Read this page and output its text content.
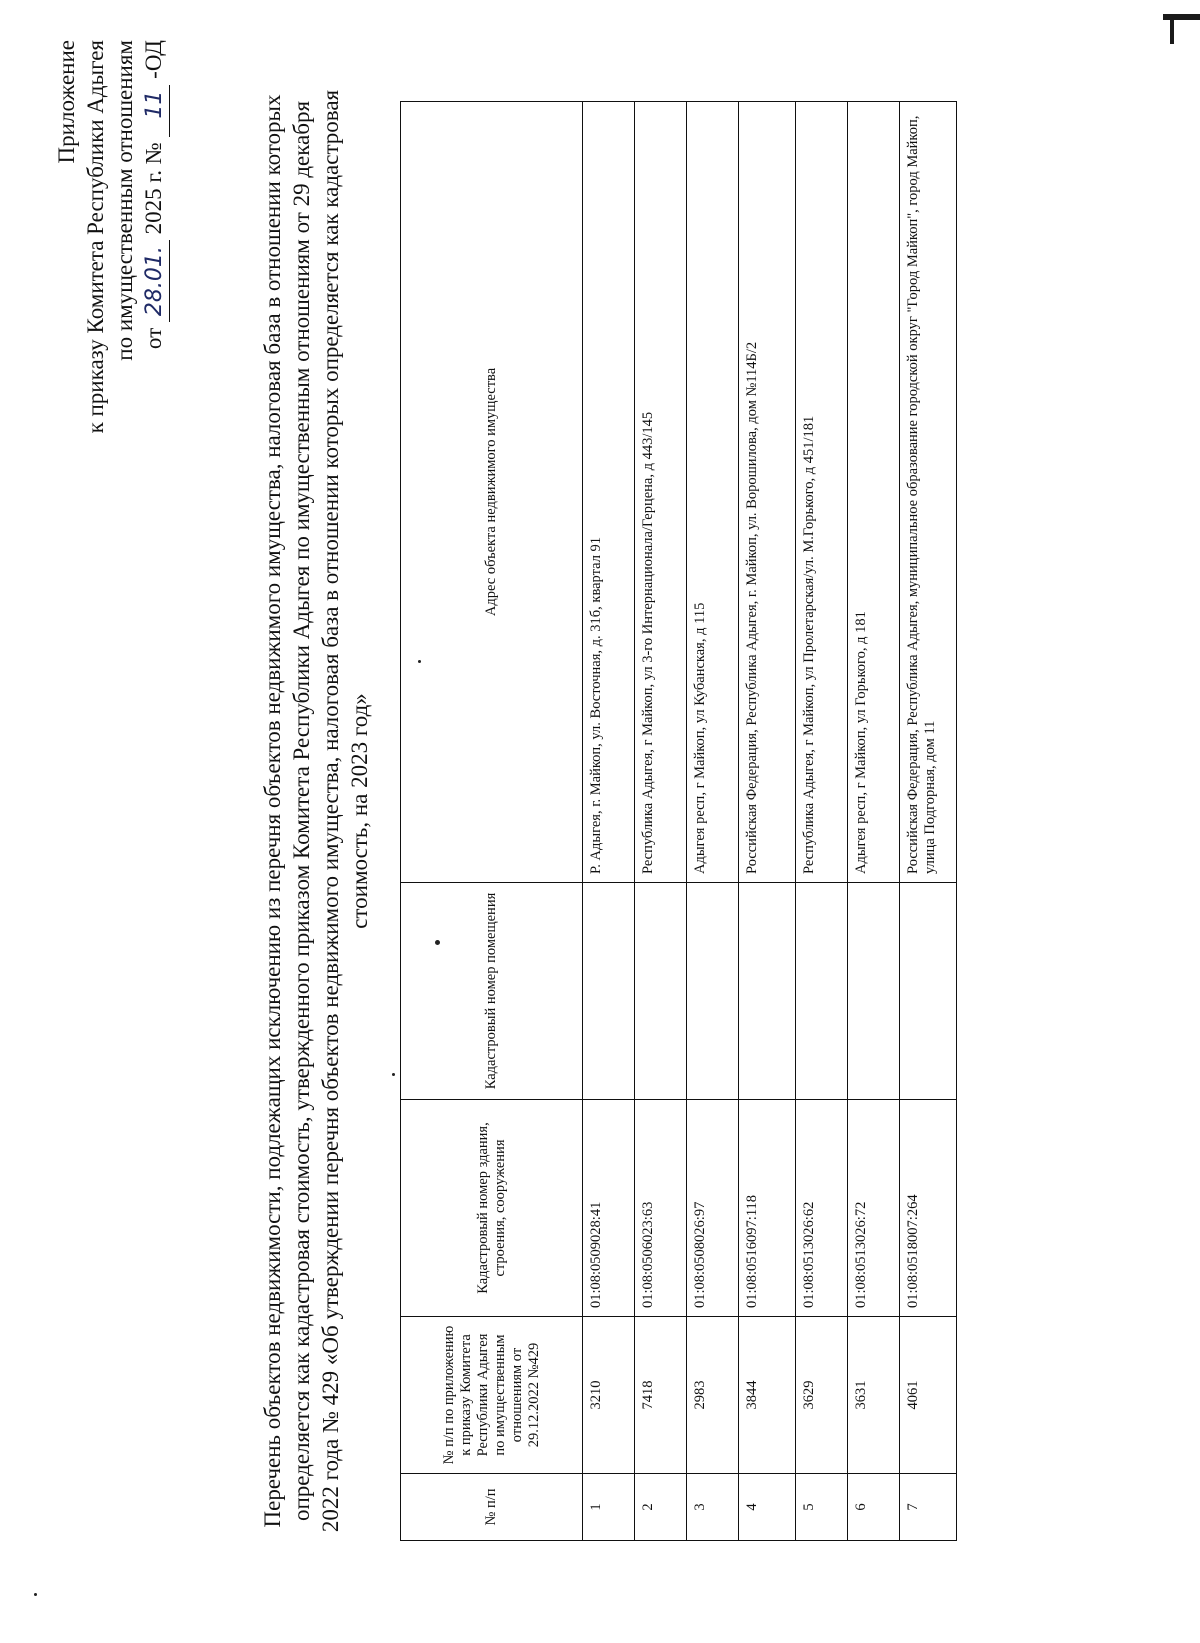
Приложение к приказу Комитета Республики Адыгея по имущественным отношениям от 28.01. 2025 г. № 11 -ОД
Перечень объектов недвижимости, подлежащих исключению из перечня объектов недвижимого имущества, налоговая база в отношении которых определяется как кадастровая стоимость, утвержденного приказом Комитета Республики Адыгея по имущественным отношениям от 29 декабря 2022 года № 429 «Об утверждении перечня объектов недвижимого имущества, налоговая база в отношении которых определяется как кадастровая стоимость, на 2023 год»
№ п/п	№ п/п по приложению к приказу Комитета Республики Адыгея по имущественным отношениям от 29.12.2022 №429	Кадастровый номер здания, строения, сооружения	Кадастровый номер помещения	Адрес объекта недвижимого имущества
1	3210	01:08:0509028:41		Р. Адыгея, г. Майкоп, ул. Восточная, д. 31б, квартал 91
2	7418	01:08:0506023:63		Республика Адыгея, г Майкоп, ул 3-го Интернационала/Герцена, д 443/145
3	2983	01:08:0508026:97		Адыгея респ, г Майкоп, ул Кубанская, д 115
4	3844	01:08:0516097:118		Российская Федерация, Республика Адыгея, г. Майкоп, ул. Ворошилова, дом №114Б/2
5	3629	01:08:0513026:62		Республика Адыгея, г Майкоп, ул Пролетарская/ул. М.Горького, д 451/181
6	3631	01:08:0513026:72		Адыгея респ, г Майкоп, ул Горького, д 181
7	4061	01:08:0518007:264		Российская Федерация, Республика Адыгея, муниципальное образование городской округ "Город Майкоп", город Майкоп, улица Подгорная, дом 11
